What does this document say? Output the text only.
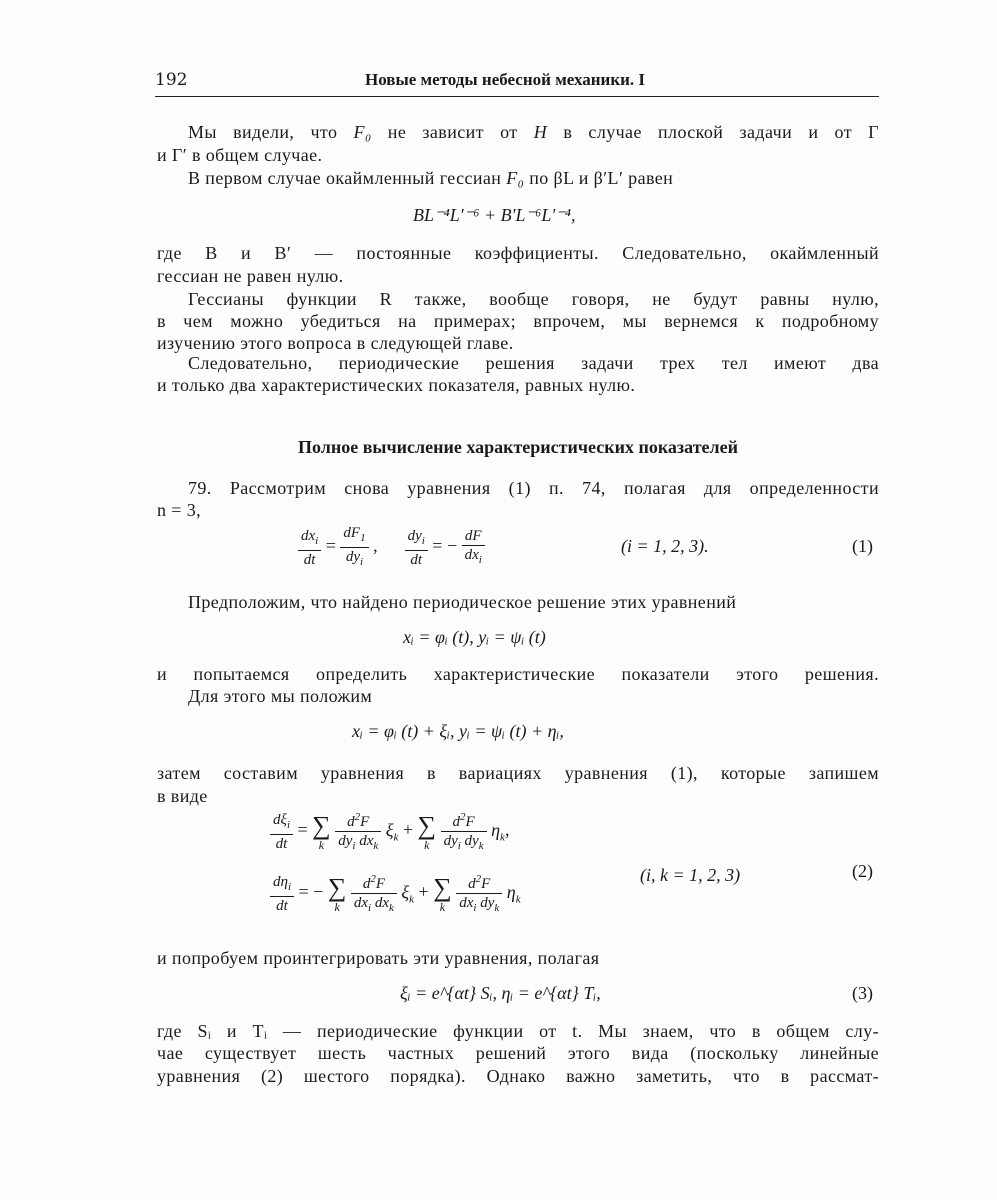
192	Новые методы небесной механики. I
Мы видели, что F₀ не зависит от H в случае плоской задачи и от Г
и Г′ в общем случае.
В первом случае окаймленный гессиан F₀ по βL и β′L′ равен
BL⁻⁴L′⁻⁶ + B′L⁻⁶L′⁻⁴,
где B и B′ — постоянные коэффициенты. Следовательно, окаймленный
гессиан не равен нулю.
Гессианы функции R также, вообще говоря, не будут равны нулю,
в чем можно убедиться на примерах; впрочем, мы вернемся к подробному
изучению этого вопроса в следующей главе.
Следовательно, периодические решения задачи трех тел имеют два
и только два характеристических показателя, равных нулю.
Полное вычисление характеристических показателей
79. Рассмотрим снова уравнения (1) п. 74, полагая для определенности
n = 3,
$\frac{dx_i}{dt} = \frac{dF_1}{dy_i}$ , $\frac{dy_i}{dt}$ = − $\frac{dF}{dx_i}$	(i = 1, 2, 3).	(1)
Предположим, что найдено периодическое решение этих уравнений
xᵢ = φᵢ (t), yᵢ = ψᵢ (t)
и попытаемся определить характеристические показатели этого решения.
Для этого мы положим
xᵢ = φᵢ (t) + ξᵢ, yᵢ = ψᵢ (t) + ηᵢ,
затем составим уравнения в вариациях уравнения (1), которые запишем
в виде
$\frac{d\xi_i}{dt}$ = ∑
k
$\frac{d^2F}{dy_i dx_k} \xi_k$ + ∑
k
$\frac{d^2F}{dy_i dy_k} \eta_k$,
$\frac{d\eta_i}{dt}$ = − ∑
k
$\frac{d^2F}{dx_i dx_k} \xi_k$ + ∑
k
$\frac{d^2F}{dx_i dy_k} \eta_k$
(i, k = 1, 2, 3)	(2)
и попробуем проинтегрировать эти уравнения, полагая
ξᵢ = e^{αt} Sᵢ, ηᵢ = e^{αt} Tᵢ,	(3)
где Sᵢ и Tᵢ — периодические функции от t. Мы знаем, что в общем слу-
чае существует шесть частных решений этого вида (поскольку линейные
уравнения (2) шестого порядка). Однако важно заметить, что в рассмат-
